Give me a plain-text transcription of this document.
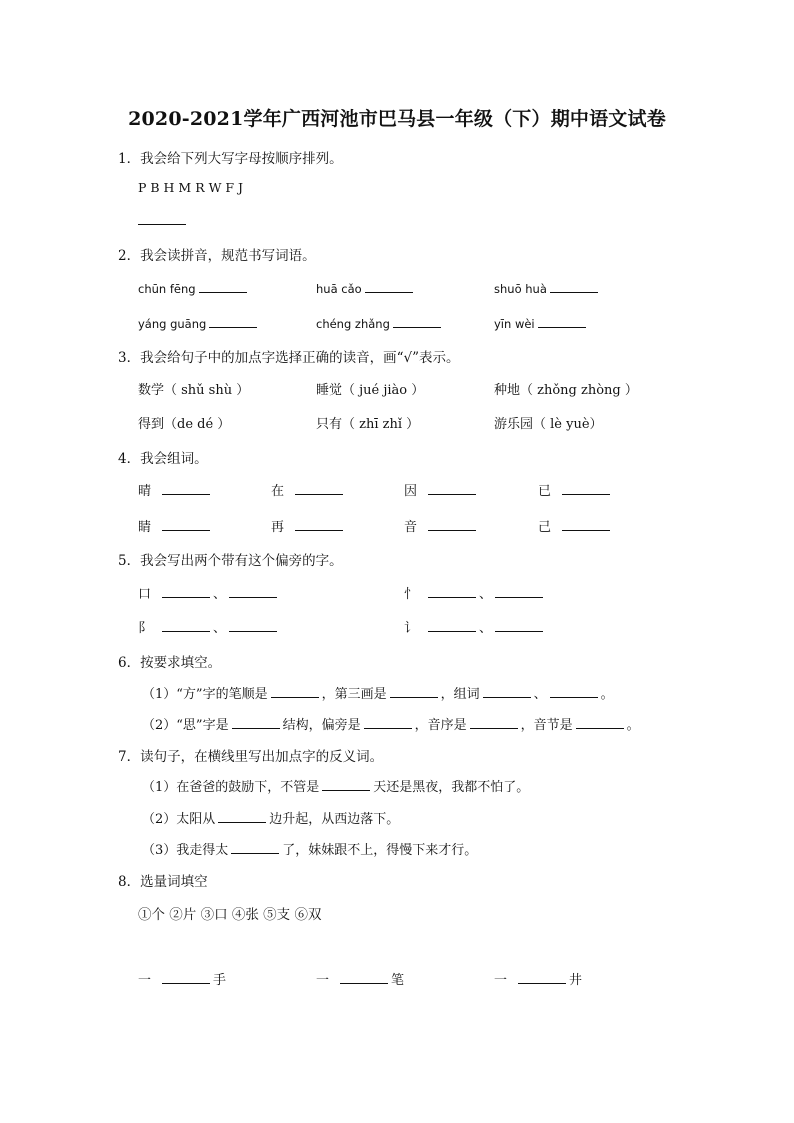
2020-2021学年广西河池市巴马县一年级（下）期中语文试卷
1．我会给下列大写字母按顺序排列。
P B H M R W F J
2．我会读拼音，规范书写词语。
chūn fēng	huā cǎo	shuō huà
yáng guāng	chéng zhǎng	yīn wèi
3．我会给句子中的加点字选择正确的读音，画“√”表示。
数学（ shǔ shù ）	睡觉（ jué jiào ）	种地（ zhǒng zhòng ）
得到（de dé ）	只有（ zhī zhǐ ）	游乐园（ lè yuè）
4．我会组词。
晴	在	因	已
睛	再	音	己
5．我会写出两个带有这个偏旁的字。
口	、	忄	、
阝	、	讠	、
6．按要求填空。
（1）“方”字的笔顺是	，第三画是	，组词	、	。
（2）“思”字是	结构，偏旁是	，音序是	，音节是	。
7．读句子，在横线里写出加点字的反义词。
（1）在爸爸的鼓励下，不管是	天还是黑夜，我都不怕了。
（2）太阳从	边升起，从西边落下。
（3）我走得太	了，妹妹跟不上，得慢下来才行。
8．选量词填空
①个 ②片 ③口 ④张 ⑤支 ⑥双
一	手	一	笔	一	井
